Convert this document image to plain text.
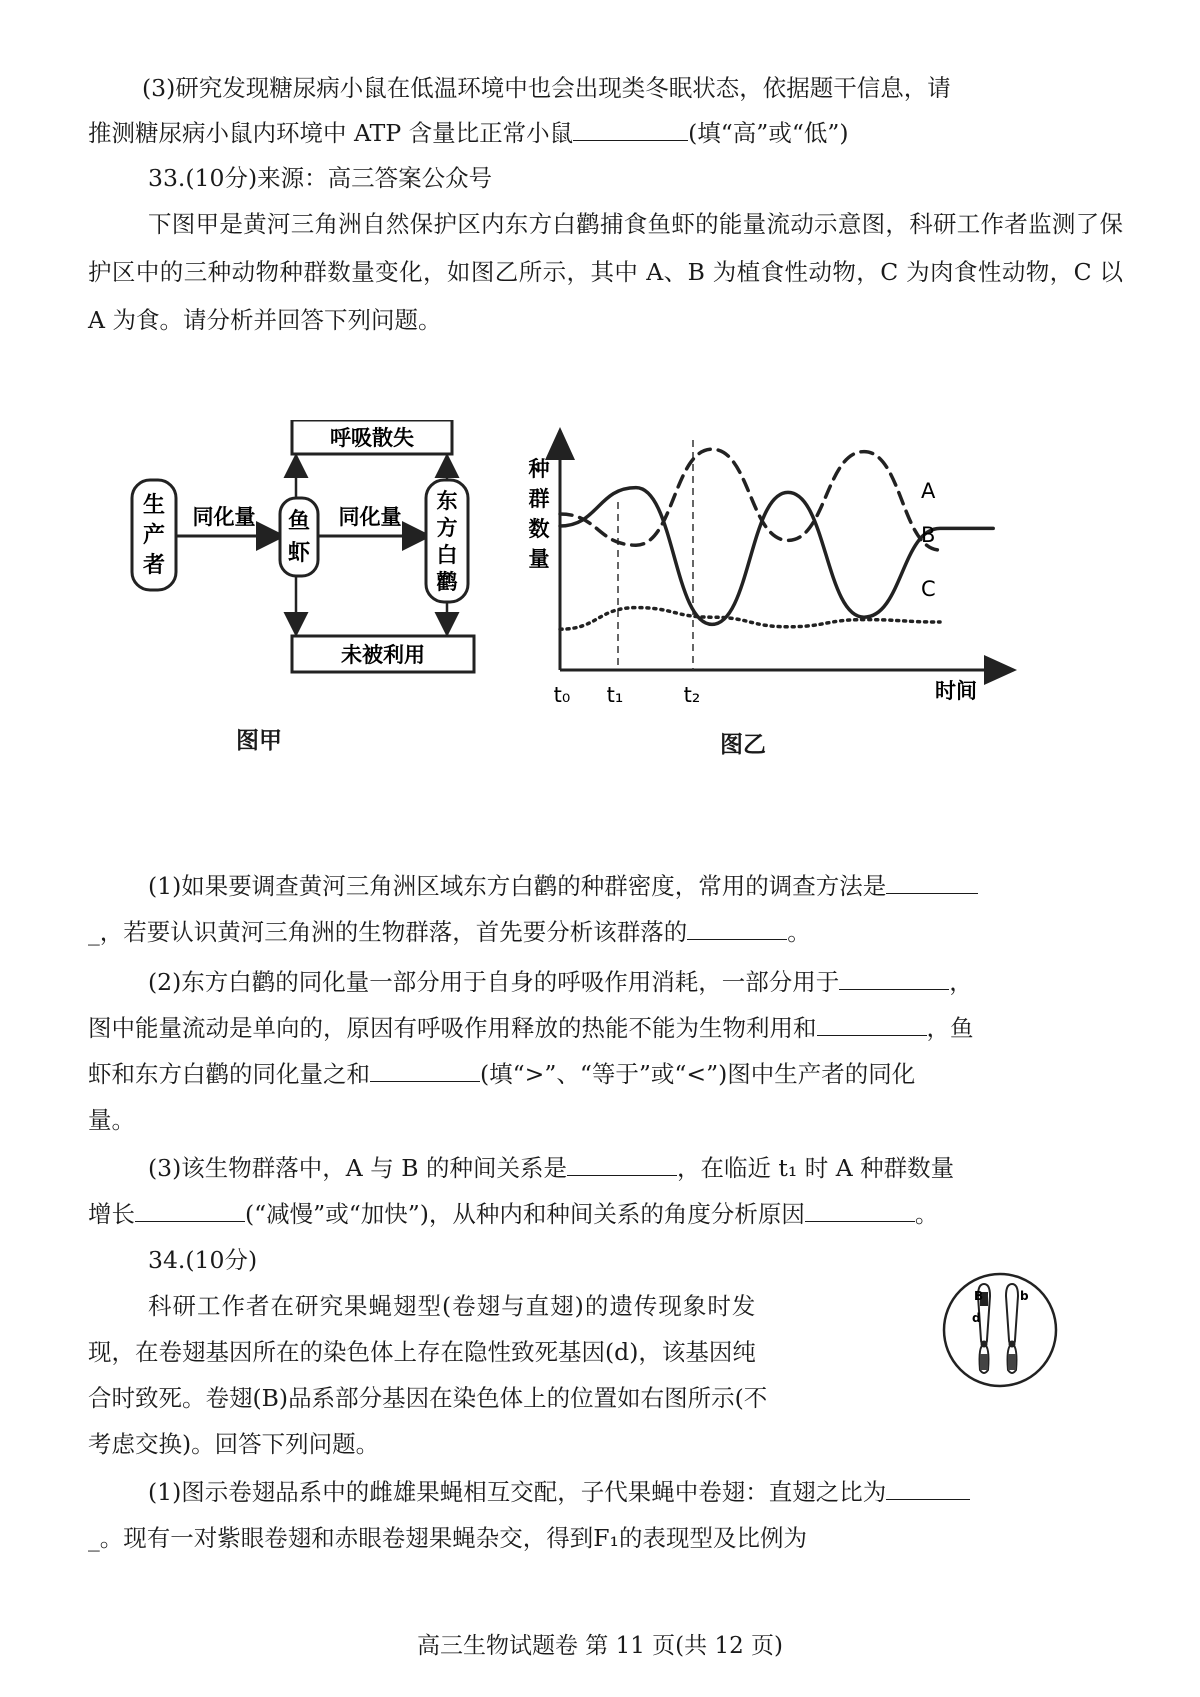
(3)研究发现糖尿病小鼠在低温环境中也会出现类冬眠状态，依据题干信息，请

推测糖尿病小鼠内环境中 ATP 含量比正常小鼠	(填“高”或“低”)

33.(10分)来源：高三答案公众号

下图甲是黄河三角洲自然保护区内东方白鹳捕食鱼虾的能量流动示意图，科研工作者监测了保护区中的三种动物种群数量变化，如图乙所示，其中 A、B 为植食性动物，C 为肉食性动物，C 以 A 为食。请分析并回答下列问题。

生
产
者
同化量 鱼
虾
同化量
东
方
白
鹳
呼吸散失
未被利用
图甲
种
群
数
量
时间
t₀ t₁	t₂
A
B
C
图乙

(1)如果要调查黄河三角洲区域东方白鹳的种群密度，常用的调查方法是

_，若要认识黄河三角洲的生物群落，首先要分析该群落的	。

(2)东方白鹳的同化量一部分用于自身的呼吸作用消耗，一部分用于	，

图中能量流动是单向的，原因有呼吸作用释放的热能不能为生物利用和	，鱼

虾和东方白鹳的同化量之和	(填“>”、“等于”或“<”)图中生产者的同化

量。

(3)该生物群落中，A 与 B 的种间关系是	，在临近 t₁ 时 A 种群数量

增长	(“减慢”或“加快”)，从种内和种间关系的角度分析原因	。

34.(10分)

科研工作者在研究果蝇翅型(卷翅与直翅)的遗传现象时发

现，在卷翅基因所在的染色体上存在隐性致死基因(d)，该基因纯

合时致死。卷翅(B)品系部分基因在染色体上的位置如右图所示(不

考虑交换)。回答下列问题。

B
d
b

(1)图示卷翅品系中的雌雄果蝇相互交配，子代果蝇中卷翅：直翅之比为

_。现有一对紫眼卷翅和赤眼卷翅果蝇杂交，得到F₁的表现型及比例为

高三生物试题卷 第 11 页(共 12 页)
